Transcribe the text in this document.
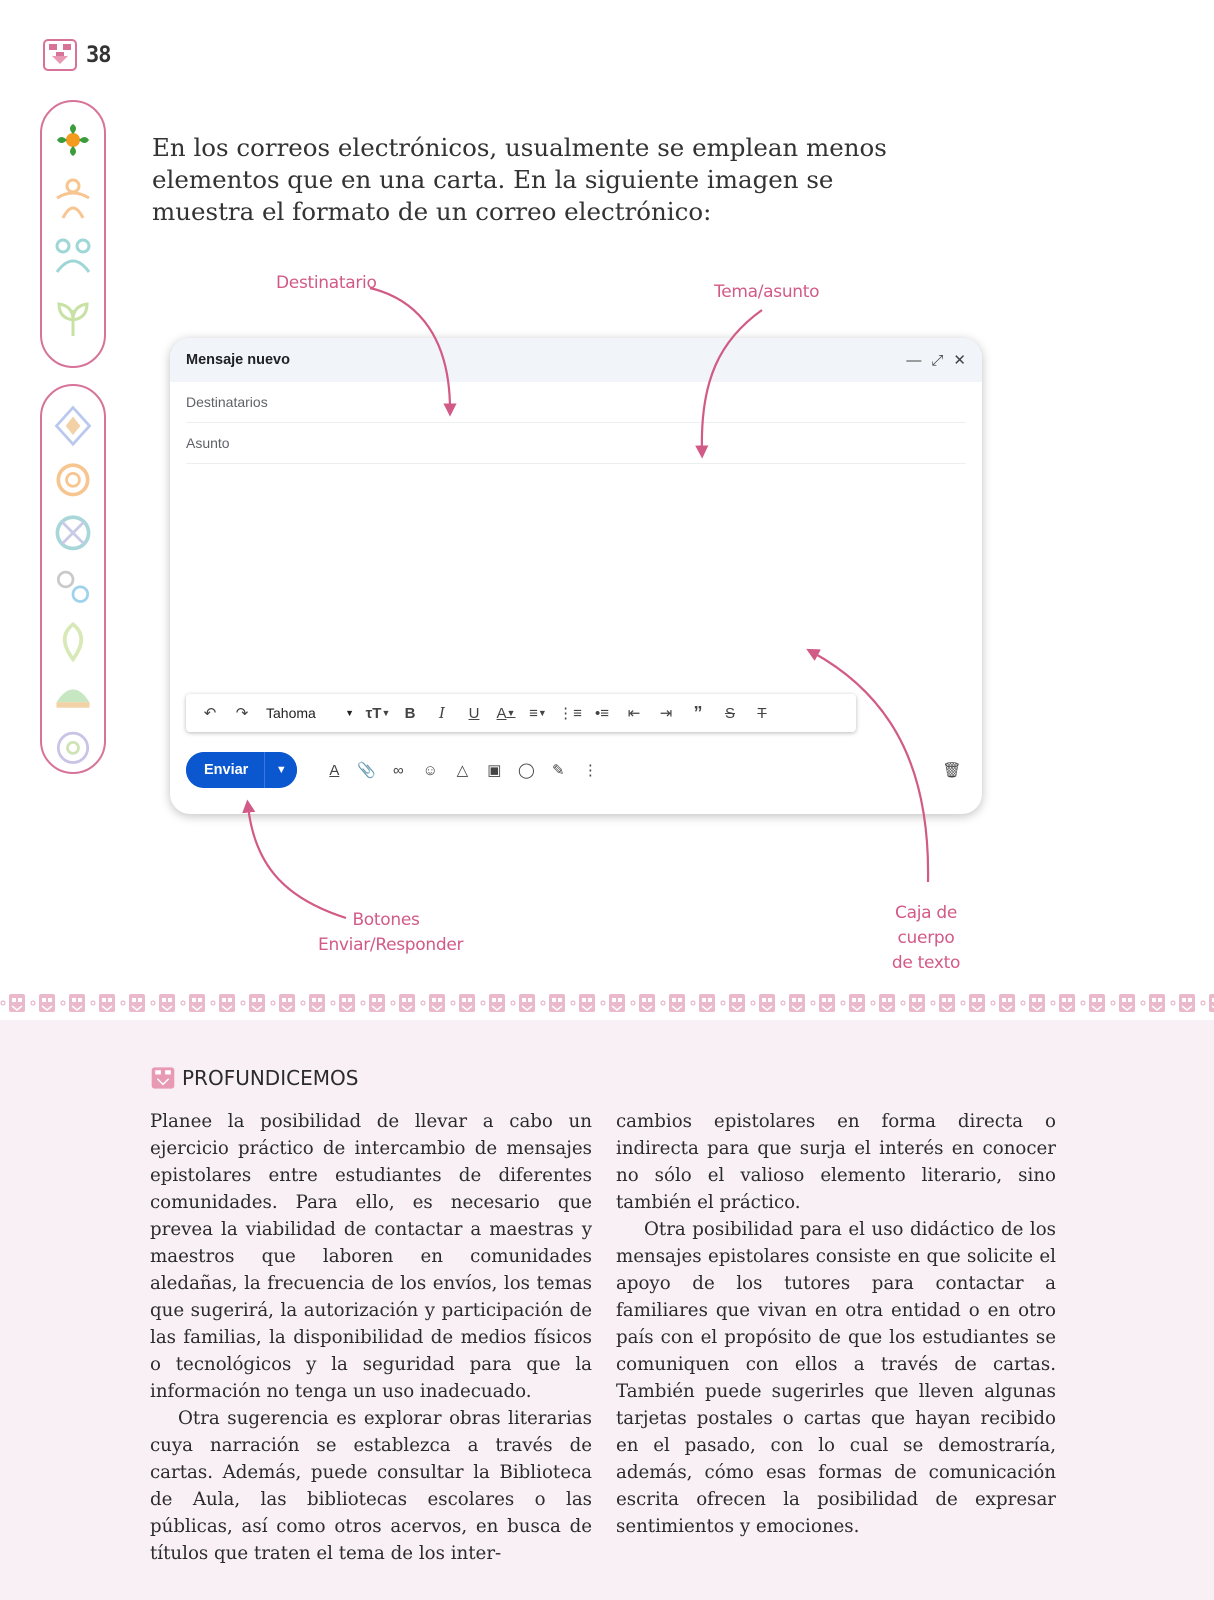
38

En los correos electrónicos, usualmente se emplean menos elementos que en una carta. En la siguiente imagen se muestra el formato de un correo electrónico:

Destinatario	Tema/asunto
Botones
Enviar/Responder
Caja de cuerpo
de texto
Mensaje nuevo	— ⤢ ✕
Destinatarios
Asunto
↶	↷	Tahoma	▼ τT ▼ B	I	U	A ▼ ≡ ▼ ⋮≡ •≡	⇤	⇥	”	S	T
Enviar	▼	A	📎	∞	☺	△	▣	◯	✎	⋮	🗑
PROFUNDICEMOS

Planee la posibilidad de llevar a cabo un ejercicio práctico de intercambio de mensajes epistolares entre estudiantes de diferentes comunidades. Para ello, es necesario que prevea la viabilidad de contactar a maestras y maestros que laboren en comunidades aledañas, la frecuencia de los envíos, los temas que sugerirá, la autorización y participación de las familias, la disponibilidad de medios físicos o tecnológicos y la seguridad para que la información no tenga un uso inadecuado.

Otra sugerencia es explorar obras literarias cuya narración se establezca a través de cartas. Además, puede consultar la Biblioteca de Aula, las bibliotecas escolares o las públicas, así como otros acervos, en busca de títulos que traten el tema de los inter-

cambios epistolares en forma directa o indirecta para que surja el interés en conocer no sólo el valioso elemento literario, sino también el práctico.

Otra posibilidad para el uso didáctico de los mensajes epistolares consiste en que solicite el apoyo de los tutores para contactar a familiares que vivan en otra entidad o en otro país con el propósito de que los estudiantes se comuniquen con ellos a través de cartas. También puede sugerirles que lleven algunas tarjetas postales o cartas que hayan recibido en el pasado, con lo cual se demostraría, además, cómo esas formas de comunicación escrita ofrecen la posibilidad de expresar sentimientos y emociones.
